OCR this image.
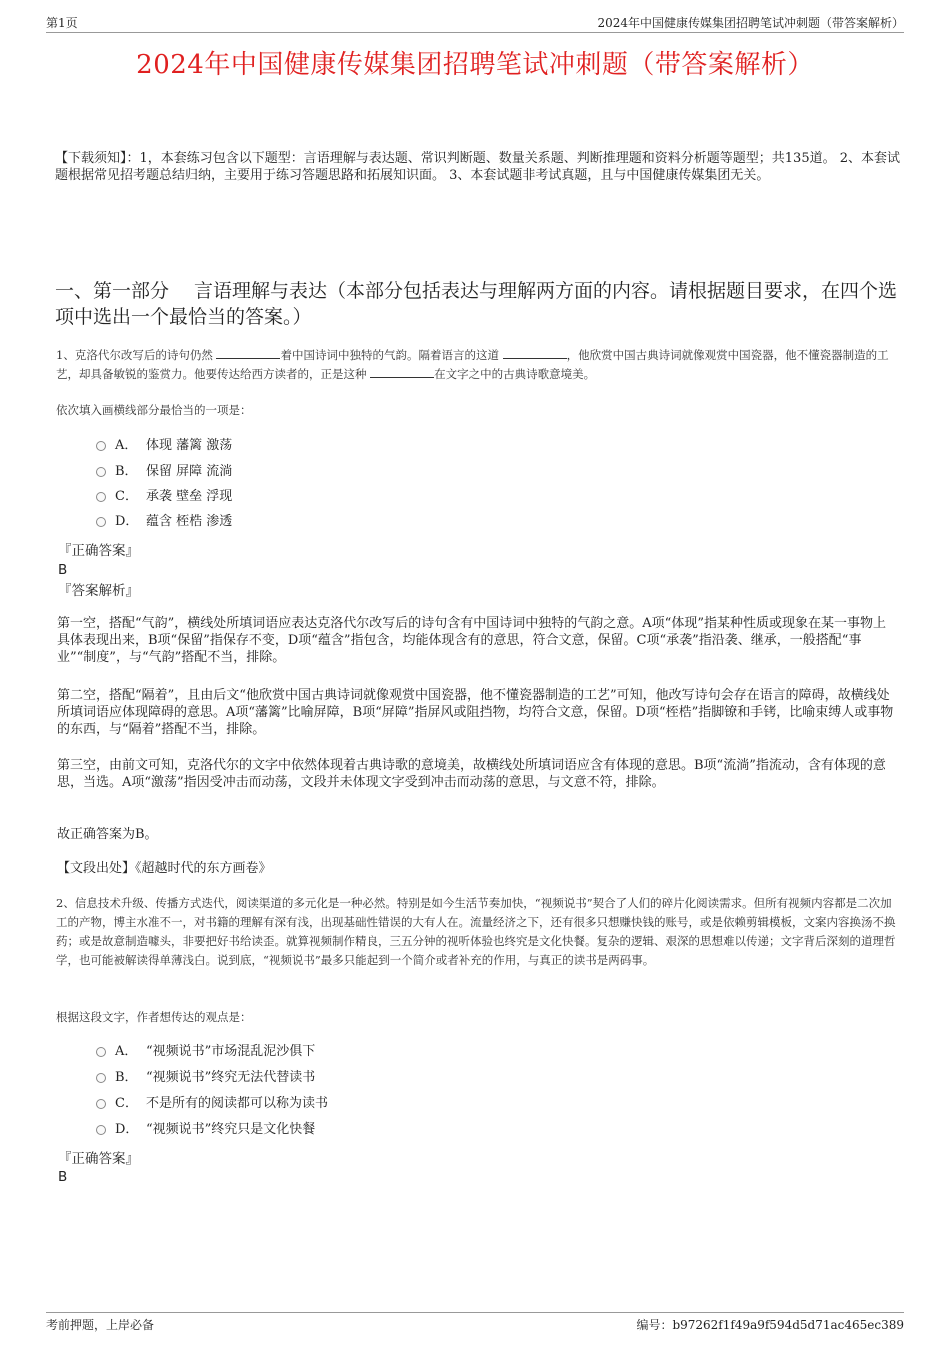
第1页	2024年中国健康传媒集团招聘笔试冲刺题（带答案解析）
2024年中国健康传媒集团招聘笔试冲刺题（带答案解析）
【下载须知】：1，本套练习包含以下题型：言语理解与表达题、常识判断题、数量关系题、判断推理题和资料分析题等题型；共135道。 2、本套试题根据常见招考题总结归纳，主要用于练习答题思路和拓展知识面。 3、本套试题非考试真题，且与中国健康传媒集团无关。
一、第一部分　 言语理解与表达（本部分包括表达与理解两方面的内容。请根据题目要求，在四个选项中选出一个最恰当的答案。）
1、克洛代尔改写后的诗句仍然	着中国诗词中独特的气韵。隔着语言的这道	，他欣赏中国古典诗词就像观赏中国瓷器，他不懂瓷器制造的工艺，却具备敏锐的鉴赏力。他要传达给西方读者的，正是这种	在文字之中的古典诗歌意境美。
依次填入画横线部分最恰当的一项是：
A． 体现 藩篱 激荡
B． 保留 屏障 流淌
C． 承袭 壁垒 浮现
D． 蕴含 桎梏 渗透
『正确答案』
B
『答案解析』
第一空，搭配“气韵”，横线处所填词语应表达克洛代尔改写后的诗句含有中国诗词中独特的气韵之意。A项“体现”指某种性质或现象在某一事物上具体表现出来，B项“保留”指保存不变，D项“蕴含”指包含，均能体现含有的意思，符合文意，保留。C项“承袭”指沿袭、继承，一般搭配“事业”“制度”，与“气韵”搭配不当，排除。
第二空，搭配“隔着”，且由后文“他欣赏中国古典诗词就像观赏中国瓷器，他不懂瓷器制造的工艺”可知，他改写诗句会存在语言的障碍，故横线处所填词语应体现障碍的意思。A项“藩篱”比喻屏障，B项“屏障”指屏风或阻挡物，均符合文意，保留。D项“桎梏”指脚镣和手铐，比喻束缚人或事物的东西，与“隔着”搭配不当，排除。
第三空，由前文可知，克洛代尔的文字中依然体现着古典诗歌的意境美，故横线处所填词语应含有体现的意思。B项“流淌”指流动，含有体现的意思，当选。A项“激荡”指因受冲击而动荡，文段并未体现文字受到冲击而动荡的意思，与文意不符，排除。
故正确答案为B。
【文段出处】《超越时代的东方画卷》
2、信息技术升级、传播方式迭代，阅读渠道的多元化是一种必然。特别是如今生活节奏加快，“视频说书”契合了人们的碎片化阅读需求。但所有视频内容都是二次加工的产物，博主水准不一，对书籍的理解有深有浅，出现基础性错误的大有人在。流量经济之下，还有很多只想赚快钱的账号，或是依赖剪辑模板，文案内容换汤不换药；或是故意制造噱头，非要把好书给读歪。就算视频制作精良，三五分钟的视听体验也终究是文化快餐。复杂的逻辑、艰深的思想难以传递；文字背后深刻的道理哲学，也可能被解读得单薄浅白。说到底，“视频说书”最多只能起到一个简介或者补充的作用，与真正的读书是两码事。
根据这段文字，作者想传达的观点是：
A． “视频说书”市场混乱泥沙俱下
B． “视频说书”终究无法代替读书
C． 不是所有的阅读都可以称为读书
D． “视频说书”终究只是文化快餐
『正确答案』
B
考前押题，上岸必备	编号：b97262f1f49a9f594d5d71ac465ec389
